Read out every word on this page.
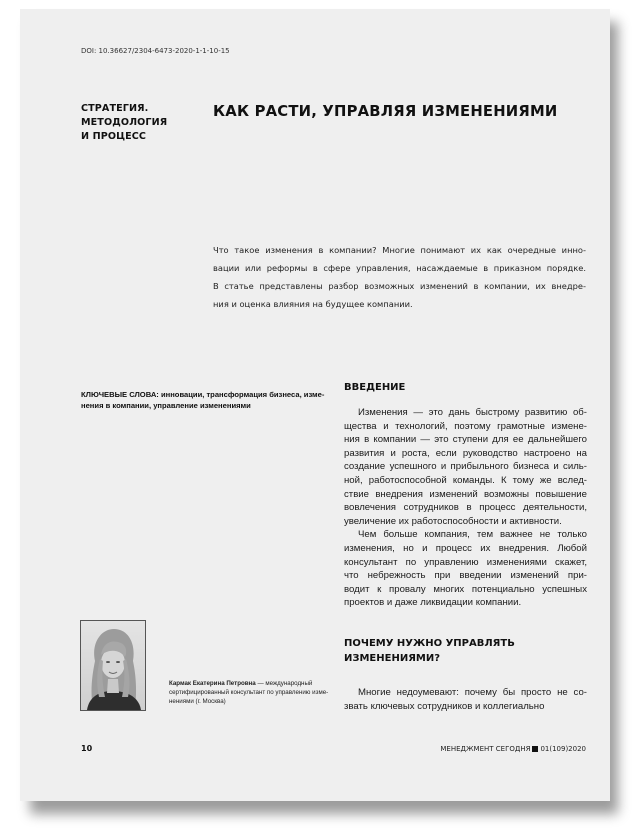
DOI: 10.36627/2304-6473-2020-1-1-10-15
СТРАТЕГИЯ.
МЕТОДОЛОГИЯ
И ПРОЦЕСС
КАК РАСТИ, УПРАВЛЯЯ ИЗМЕНЕНИЯМИ
Что такое изменения в компании? Многие понимают их как очередные инно-
вации или реформы в сфере управления, насаждаемые в приказном порядке.
В статье представлены разбор возможных изменений в компании, их внедре-
ния и оценка влияния на будущее компании.
КЛЮЧЕВЫЕ СЛОВА: инновации, трансформация бизнеса, изме-
нения в компании, управление изменениями
ВВЕДЕНИЕ
Изменения — это дань быстрому развитию об-
щества и технологий, поэтому грамотные измене-
ния в компании — это ступени для ее дальнейшего
развития и роста, если руководство настроено на
создание успешного и прибыльного бизнеса и силь-
ной, работоспособной команды. К тому же вслед-
ствие внедрения изменений возможны повышение
вовлечения сотрудников в процесс деятельности,
увеличение их работоспособности и активности.
Чем больше компания, тем важнее не только
изменения, но и процесс их внедрения. Любой
консультант по управлению изменениями скажет,
что небрежность при введении изменений при-
водит к провалу многих потенциально успешных
проектов и даже ликвидации компании.
Кармак Екатерина Петровна — международный
сертифицированный консультант по управлению изме-
нениями (г. Москва)
ПОЧЕМУ НУЖНО УПРАВЛЯТЬ
ИЗМЕНЕНИЯМИ?
Многие недоумевают: почему бы просто не со-
звать ключевых сотрудников и коллегиально
10	МЕНЕДЖМЕНТ СЕГОДНЯ 01(109)2020
